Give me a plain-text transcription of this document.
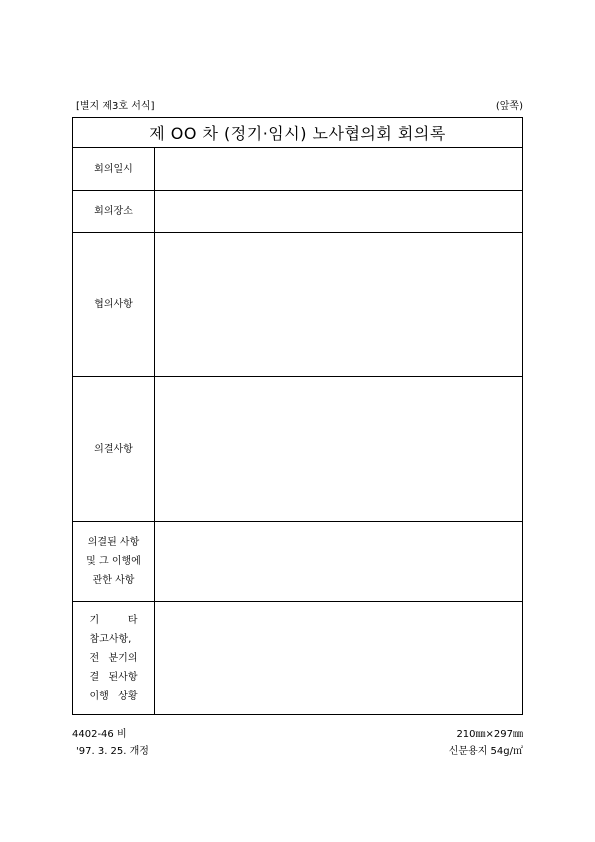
[별지 제3호 서식]	(앞쪽)
제 OO 차 (정기·임시) 노사협의회 회의록
회의일시
회의장소
협의사항
의결사항
의결된 사항
및 그 이행에
관한 사항
기 타
참고사항,
전 분기의
결 된사항
이행 상황
4402-46 비	210㎜×297㎜
'97. 3. 25. 개정	신문용지 54g/㎡
